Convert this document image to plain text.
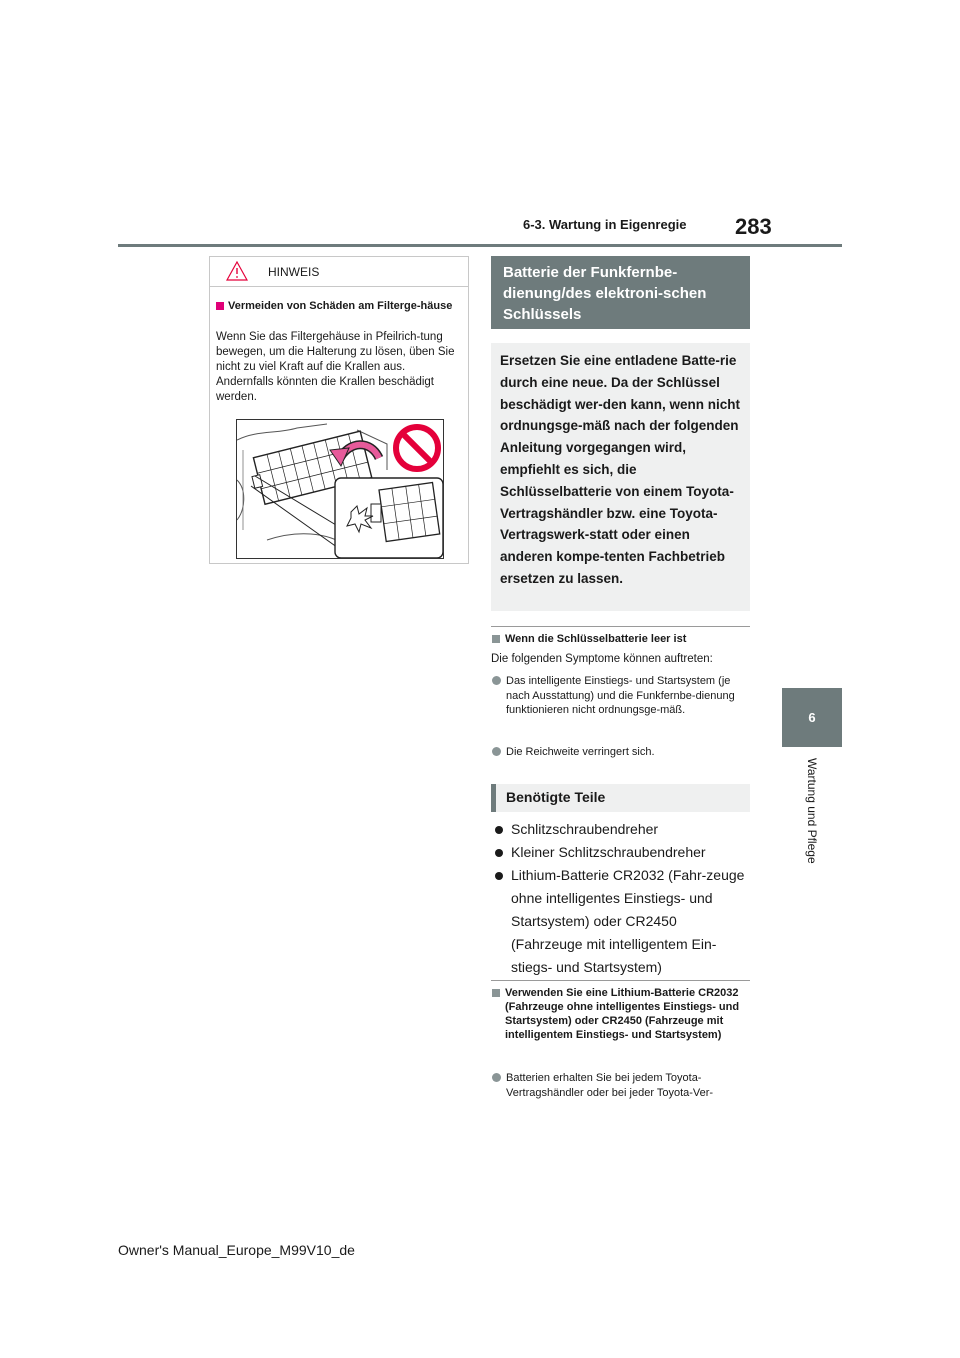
6-3. Wartung in Eigenregie 283
6
Wartung und Pflege
HINWEIS
Vermeiden von Schäden am Filterge-häuse
Wenn Sie das Filtergehäuse in Pfeilrich-tung bewegen, um die Halterung zu lösen, üben Sie nicht zu viel Kraft auf die Krallen aus. Andernfalls könnten die Krallen beschädigt werden.
Batterie der Funkfernbe-dienung/des elektroni-schen Schlüssels
Ersetzen Sie eine entladene Batte-rie durch eine neue. Da der Schlüssel beschädigt wer-den kann, wenn nicht ordnungsge-mäß nach der folgenden Anleitung vorgegangen wird, empfiehlt es sich, die Schlüsselbatterie von einem Toyota-Vertragshändler bzw. eine Toyota-Vertragswerk-statt oder einen anderen kompe-tenten Fachbetrieb ersetzen zu lassen.
Wenn die Schlüsselbatterie leer ist
Die folgenden Symptome können auftreten:
Das intelligente Einstiegs- und Startsystem (je nach Ausstattung) und die Funkfernbe-dienung funktionieren nicht ordnungsge-mäß.
Die Reichweite verringert sich.
Benötigte Teile
Schlitzschraubendreher
Kleiner Schlitzschraubendreher
Lithium-Batterie CR2032 (Fahr-zeuge ohne intelligentes Einstiegs- und Startsystem) oder CR2450 (Fahrzeuge mit intelligentem Ein-stiegs- und Startsystem)
Verwenden Sie eine Lithium-Batterie CR2032 (Fahrzeuge ohne intelligentes Einstiegs- und Startsystem) oder CR2450 (Fahrzeuge mit intelligentem Einstiegs- und Startsystem)
Batterien erhalten Sie bei jedem Toyota-Vertragshändler oder bei jeder Toyota-Ver-
Owner's Manual_Europe_M99V10_de
